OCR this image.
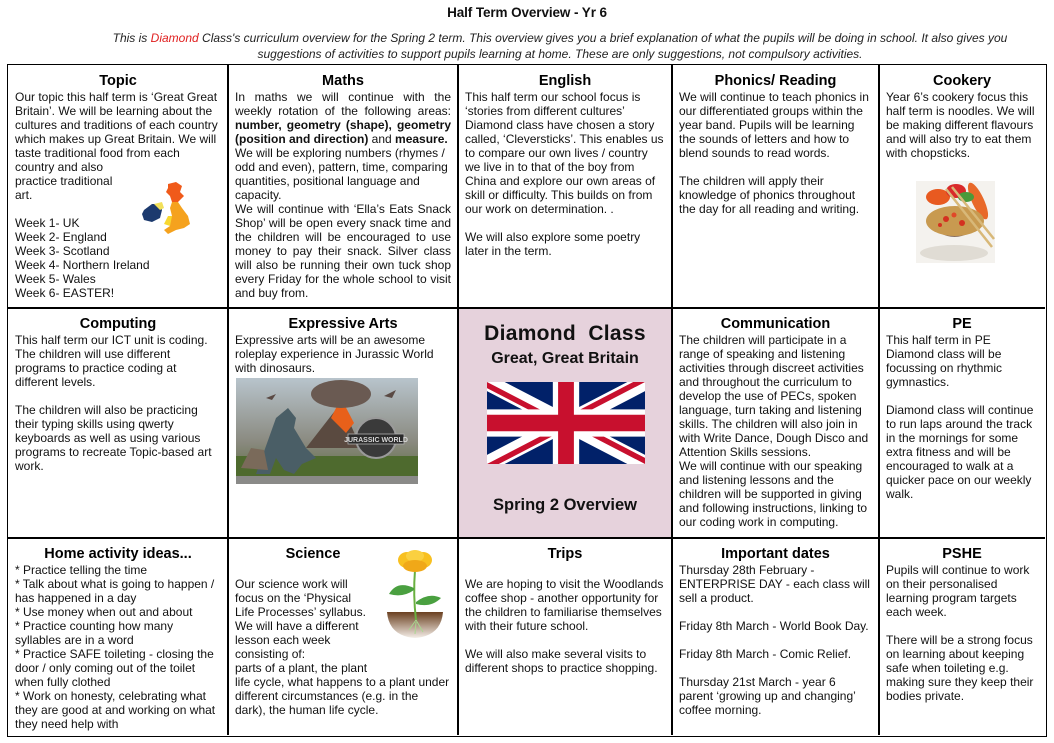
Half Term Overview - Yr 6
This is Diamond Class's curriculum overview for the Spring 2 term. This overview gives you a brief explanation of what the pupils will be doing in school. It also gives you suggestions of activities to support pupils learning at home. These are only suggestions, not compulsory activities.
Topic

Our topic this half term is ‘Great Great Britain’. We will be learning about the cultures and traditions of each country which makes up Great Britain. We will taste traditional food from each
country and also
practice traditional
art.

Week 1- UK
Week 2- England
Week 3- Scotland
Week 4- Northern Ireland
Week 5- Wales
Week 6- EASTER!
Maths

In maths we will continue with the weekly rotation of the following areas: number, geometry (shape), geometry (position and direction) and measure.

We will be exploring numbers (rhymes / odd and even), pattern, time, comparing quantities, positional language and capacity.

We will continue with ‘Ella’s Eats Snack Shop’ will be open every snack time and the children will be encouraged to use money to pay their snack. Silver class will also be running their own tuck shop every Friday for the whole school to visit and buy from.

English

This half term our school focus is ‘stories from different cultures’ Diamond class have chosen a story called, ‘Cleversticks’. This enables us to compare our own lives / country we live in to that of the boy from China and explore our own areas of skill or difficulty. This builds on from our work on determination. .

We will also explore some poetry later in the term.

Phonics/ Reading

We will continue to teach phonics in our differentiated groups within the year band. Pupils will be learning the sounds of letters and how to blend sounds to read words.

The children will apply their knowledge of phonics throughout the day for all reading and writing.

Cookery

Year 6’s cookery focus this half term is noodles. We will be making different flavours and will also try to eat them with chopsticks.

Computing

This half term our ICT unit is coding. The children will use different programs to practice coding at different levels.

The children will also be practicing their typing skills using qwerty keyboards as well as using various programs to recreate Topic-based art work.

Expressive Arts

Expressive arts will be an awesome roleplay experience in Jurassic World with dinosaurs.

JURASSIC WORLD
Diamond  Class
Great, Great Britain
Spring 2 Overview
Communication

The children will participate in a range of speaking and listening activities through discreet activities and throughout the curriculum to develop the use of PECs, spoken language, turn taking and listening skills. The children will also join in with Write Dance, Dough Disco and Attention Skills sessions.
We will continue with our speaking and listening lessons and the children will be supported in giving and following instructions, linking to our coding work in computing.

PE

This half term in PE
Diamond class will be focussing on rhythmic gymnastics.

Diamond class will continue to run laps around the track in the mornings for some extra fitness and will be encouraged to walk at a quicker pace on our weekly walk.

Home activity ideas...
* Practice telling the time
* Talk about what is going to happen / has happened in a day
* Use money when out and about
* Practice counting how many syllables are in a word
* Practice SAFE toileting - closing the door / only coming out of the toilet when fully clothed
* Work on honesty, celebrating what they are good at and working on what they need help with
Science

Our science work will
focus on the ‘Physical
Life Processes’ syllabus.
We will have a different
lesson each week
consisting of:
parts of a plant, the plant
life cycle, what happens to a plant under different circumstances (e.g. in the dark), the human life cycle.

Trips

We are hoping to visit the Woodlands coffee shop - another opportunity for the children to familiarise themselves with their future school.

We will also make several visits to different shops to practice shopping.

Important dates
Thursday 28th February - ENTERPRISE DAY - each class will sell a product.
Friday 8th March - World Book Day.
Friday 8th March - Comic Relief.
Thursday 21st March - year 6 parent ‘growing up and changing’ coffee morning.
PSHE

Pupils will continue to work on their personalised learning program targets each week.

There will be a strong focus on learning about keeping safe when toileting e.g. making sure they keep their bodies private.
